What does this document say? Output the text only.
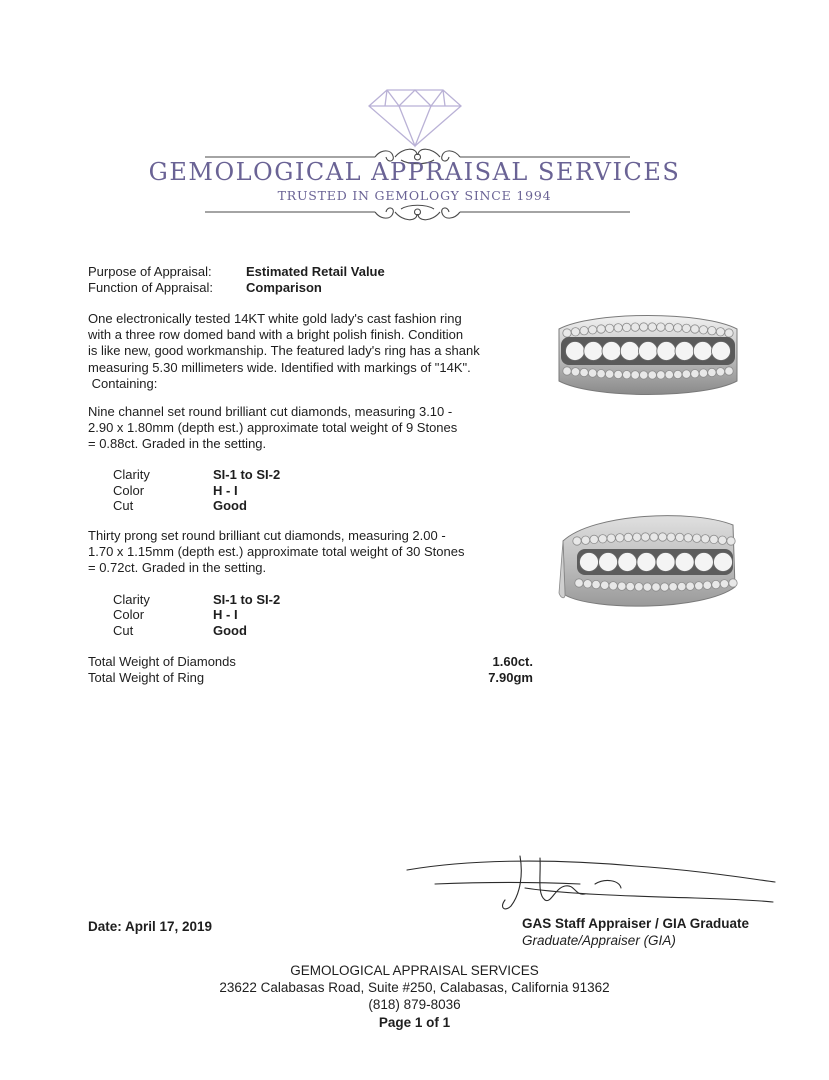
GEMOLOGICAL APPRAISAL SERVICES
TRUSTED IN GEMOLOGY SINCE 1994
Purpose of Appraisal:	Estimated Retail Value
Function of Appraisal:	Comparison
One electronically tested 14KT white gold lady's cast fashion ring
with a three row domed band with a bright polish finish. Condition
is like new, good workmanship. The featured lady's ring has a shank
measuring 5.30 millimeters wide. Identified with markings of "14K".
Containing:
Nine channel set round brilliant cut diamonds, measuring 3.10 -
2.90 x 1.80mm (depth est.) approximate total weight of 9 Stones
= 0.88ct. Graded in the setting.
Clarity	SI-1 to SI-2
Color	H - I
Cut	Good
Thirty prong set round brilliant cut diamonds, measuring 2.00 -
1.70 x 1.15mm (depth est.) approximate total weight of 30 Stones
= 0.72ct. Graded in the setting.
Clarity	SI-1 to SI-2
Color	H - I
Cut	Good
Total Weight of Diamonds	1.60ct.
Total Weight of Ring	7.90gm
Date: April 17, 2019	GAS Staff Appraiser / GIA Graduate
Graduate/Appraiser (GIA)
GEMOLOGICAL APPRAISAL SERVICES
23622 Calabasas Road, Suite #250, Calabasas, California 91362
(818) 879-8036
Page 1 of 1
